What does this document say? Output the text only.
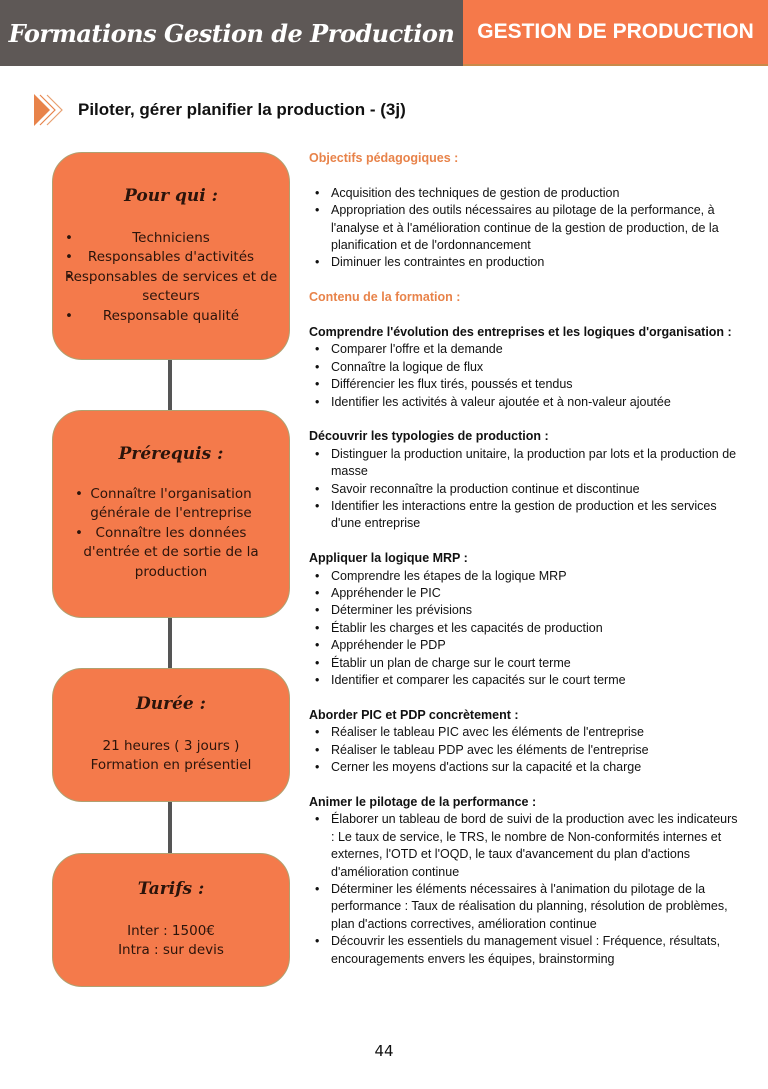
Formations Gestion de Production GESTION DE PRODUCTION
Piloter, gérer planifier la production - (3j)
Pour qui :
• Techniciens
• Responsables d'activités
• Responsables de services et de secteurs
• Responsable qualité
Prérequis :
• Connaître l'organisation générale de l'entreprise
• Connaître les données d'entrée et de sortie de la production
Durée :
21 heures ( 3 jours )
Formation en présentiel
Tarifs :
Inter : 1500€
Intra : sur devis

Objectifs pédagogiques :

• Acquisition des techniques de gestion de production
• Appropriation des outils nécessaires au pilotage de la performance, à l'analyse et à l'amélioration continue de la gestion de production, de la planification et de l'ordonnancement
• Diminuer les contraintes en production

Contenu de la formation :

Comprendre l'évolution des entreprises et les logiques d'organisation :
• Comparer l'offre et la demande
• Connaître la logique de flux
• Différencier les flux tirés, poussés et tendus
• Identifier les activités à valeur ajoutée et à non-valeur ajoutée
Découvrir les typologies de production :
• Distinguer la production unitaire, la production par lots et la production de masse
• Savoir reconnaître la production continue et discontinue
• Identifier les interactions entre la gestion de production et les services d'une entreprise
Appliquer la logique MRP :
• Comprendre les étapes de la logique MRP
• Appréhender le PIC
• Déterminer les prévisions
• Établir les charges et les capacités de production
• Appréhender le PDP
• Établir un plan de charge sur le court terme
• Identifier et comparer les capacités sur le court terme
Aborder PIC et PDP concrètement :
• Réaliser le tableau PIC avec les éléments de l'entreprise
• Réaliser le tableau PDP avec les éléments de l'entreprise
• Cerner les moyens d'actions sur la capacité et la charge
Animer le pilotage de la performance :
• Élaborer un tableau de bord de suivi de la production avec les indicateurs : Le taux de service, le TRS, le nombre de Non-conformités internes et externes, l'OTD et l'OQD, le taux d'avancement du plan d'actions d'amélioration continue
• Déterminer les éléments nécessaires à l'animation du pilotage de la performance : Taux de réalisation du planning, résolution de problèmes, plan d'actions correctives, amélioration continue
• Découvrir les essentiels du management visuel : Fréquence, résultats, encouragements envers les équipes, brainstorming
44
